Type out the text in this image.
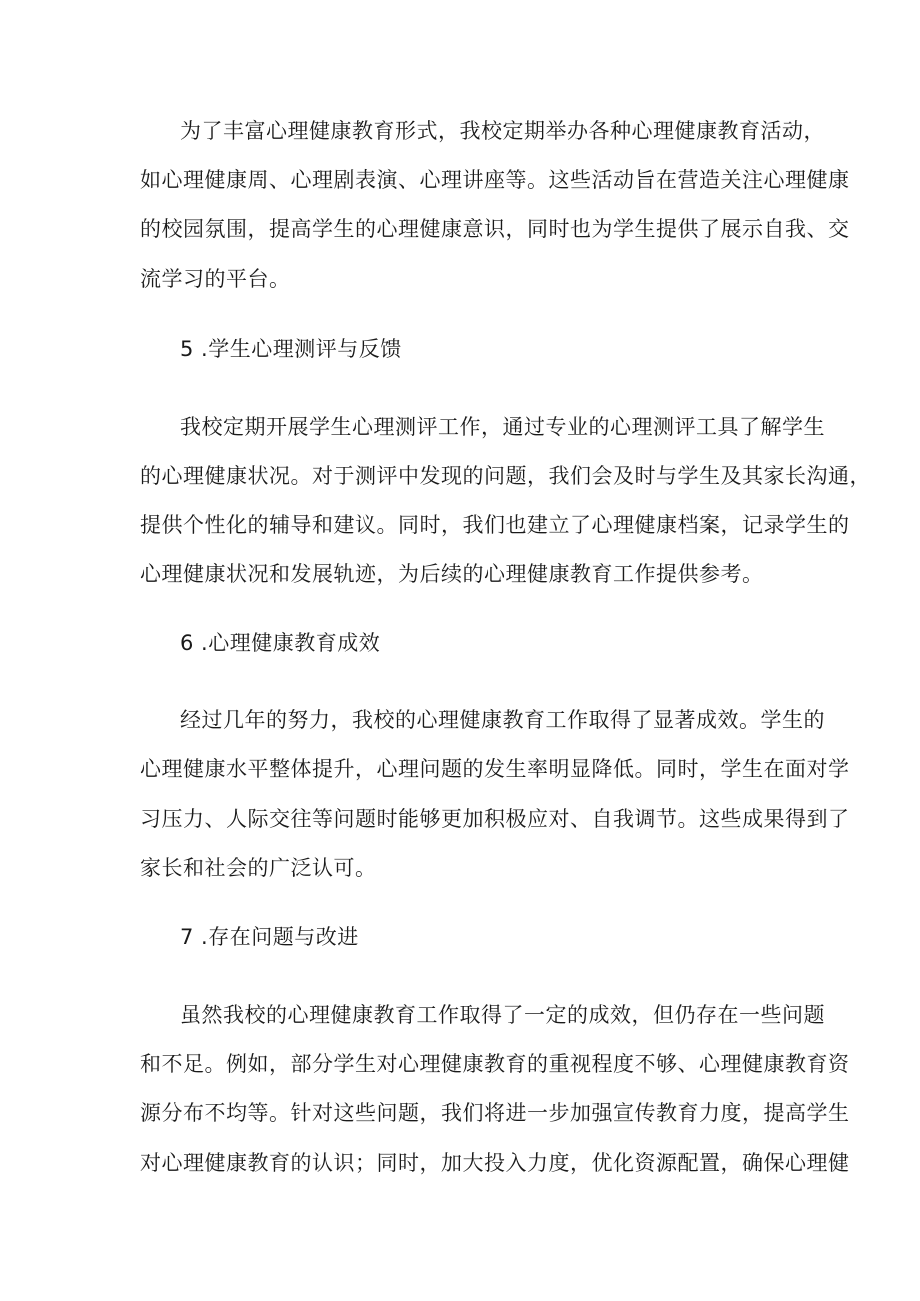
为了丰富心理健康教育形式，我校定期举办各种心理健康教育活动，
如心理健康周、心理剧表演、心理讲座等。这些活动旨在营造关注心理健康
的校园氛围，提高学生的心理健康意识，同时也为学生提供了展示自我、交
流学习的平台。
5 .学生心理测评与反馈
我校定期开展学生心理测评工作，通过专业的心理测评工具了解学生
的心理健康状况。对于测评中发现的问题，我们会及时与学生及其家长沟通，
提供个性化的辅导和建议。同时，我们也建立了心理健康档案，记录学生的
心理健康状况和发展轨迹，为后续的心理健康教育工作提供参考。
6 .心理健康教育成效
经过几年的努力，我校的心理健康教育工作取得了显著成效。学生的
心理健康水平整体提升，心理问题的发生率明显降低。同时，学生在面对学
习压力、人际交往等问题时能够更加积极应对、自我调节。这些成果得到了
家长和社会的广泛认可。
7 .存在问题与改进
虽然我校的心理健康教育工作取得了一定的成效，但仍存在一些问题
和不足。例如，部分学生对心理健康教育的重视程度不够、心理健康教育资
源分布不均等。针对这些问题，我们将进一步加强宣传教育力度，提高学生
对心理健康教育的认识；同时，加大投入力度，优化资源配置，确保心理健
